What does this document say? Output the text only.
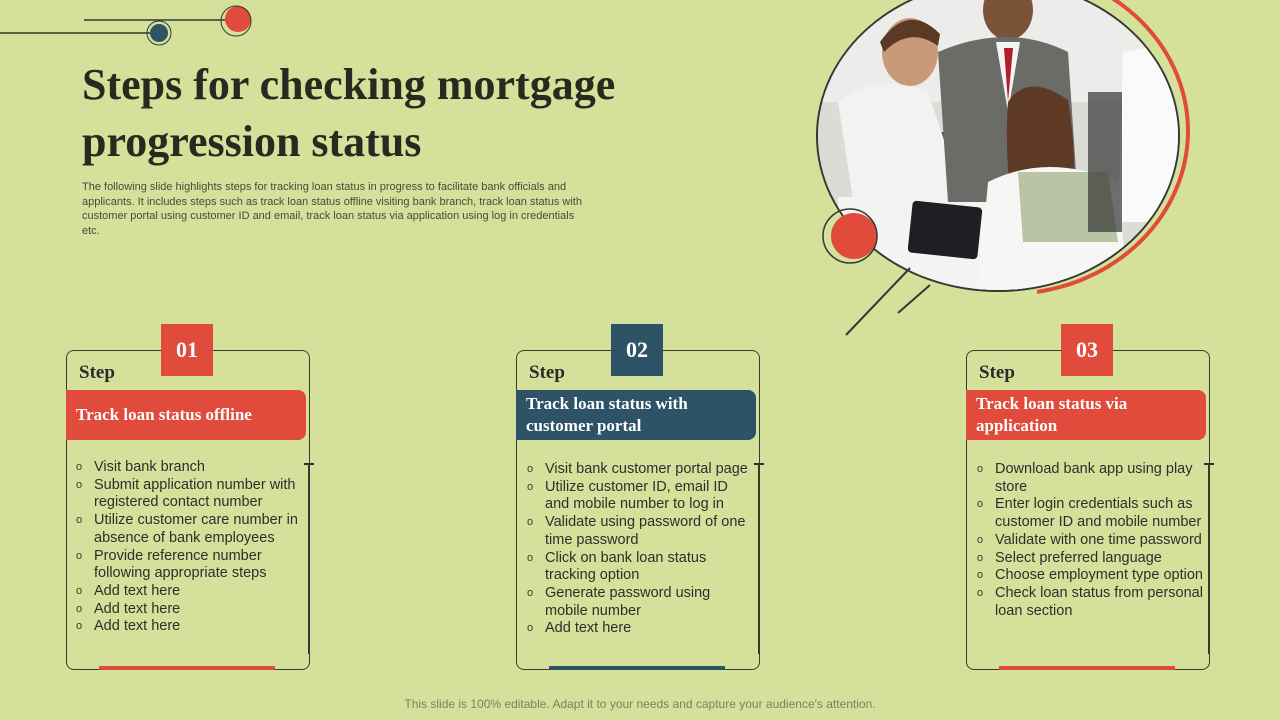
Steps for checking mortgage progression status

The following slide highlights steps for tracking loan status in progress to facilitate bank officials and applicants. It includes steps such as track loan status offline visiting bank branch, track loan status with customer portal using customer ID and email, track loan status via application using log in credentials etc.

01
Step
Track loan status offline
o Visit bank branch
o Submit application number with registered contact number
o Utilize customer care number in absence of bank employees
o Provide reference number following appropriate steps
o Add text here
o Add text here
o Add text here
02
Step
Track loan status with customer portal
o Visit bank customer portal page
o Utilize customer ID, email ID and mobile number to log in
o Validate using password of one time password
o Click on bank loan status tracking option
o Generate password using mobile number
o Add text here
03
Step
Track loan status via application
o Download bank app using play store
o Enter login credentials such as customer ID and mobile number
o Validate with one time password
o Select preferred language
o Choose employment type option
o Check loan status from personal loan section
This slide is 100% editable. Adapt it to your needs and capture your audience's attention.
